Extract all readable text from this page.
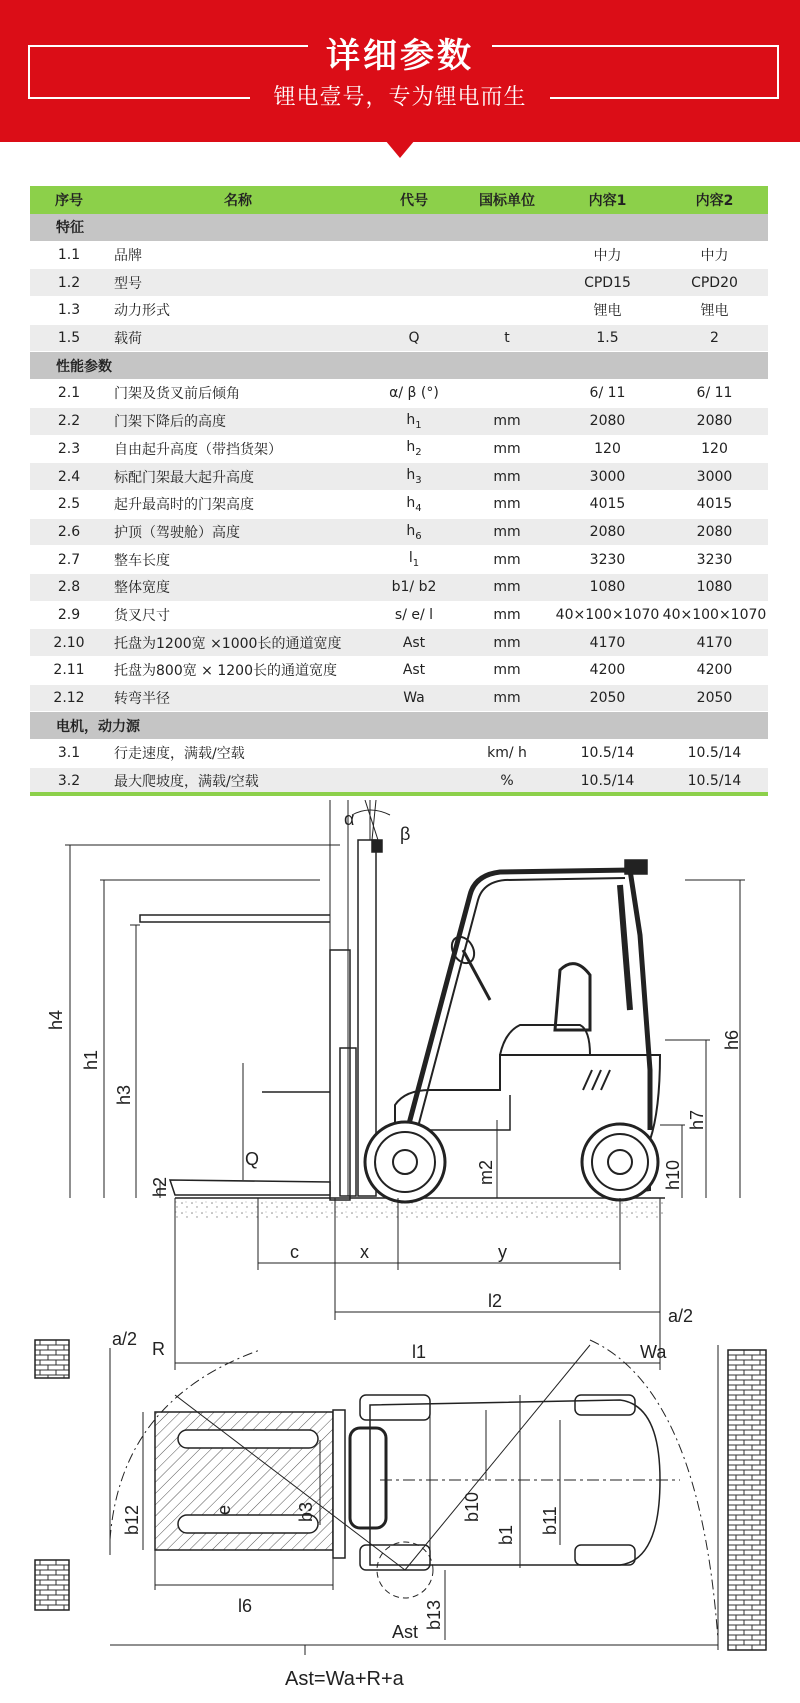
详细参数
锂电壹号，专为锂电而生
序号	名称	代号	国标单位	内容1	内容2
特征					
1.1	品牌			中力	中力
1.2	型号			CPD15	CPD20
1.3	动力形式			锂电	锂电
1.5	载荷	Q	t	1.5	2
性能参数					
2.1	门架及货叉前后倾角	α/ β (°)		6/ 11	6/ 11
2.2	门架下降后的高度	$h_1$	mm	2080	2080
2.3	自由起升高度（带挡货架）	$h_2$	mm	120	120
2.4	标配门架最大起升高度	$h_3$	mm	3000	3000
2.5	起升最高时的门架高度	$h_4$	mm	4015	4015
2.6	护顶（驾驶舱）高度	$h_6$	mm	2080	2080
2.7	整车长度	$l_1$	mm	3230	3230
2.8	整体宽度	b1/ b2	mm	1080	1080
2.9	货叉尺寸	s/ e/ l	mm	40×100×1070	40×100×1070
2.10	托盘为1200宽 ×1000长的通道宽度	Ast	mm	4170	4170
2.11	托盘为800宽 × 1200长的通道宽度	Ast	mm	4200	4200
2.12	转弯半径	Wa	mm	2050	2050
电机，动力源					
3.1	行走速度，满载/空载		km/ h	10.5/14	10.5/14
3.2	最大爬坡度，满载/空载		%	10.5/14	10.5/14
α
β
h4
h1
h3
h2
Q
m2
h6
h7
h10
c	x	y
l2
l1
a/2
a/2
R	Wa
e	b3	b10
b1 b11
b12
b13
l6
Ast
Ast=Wa+R+a
